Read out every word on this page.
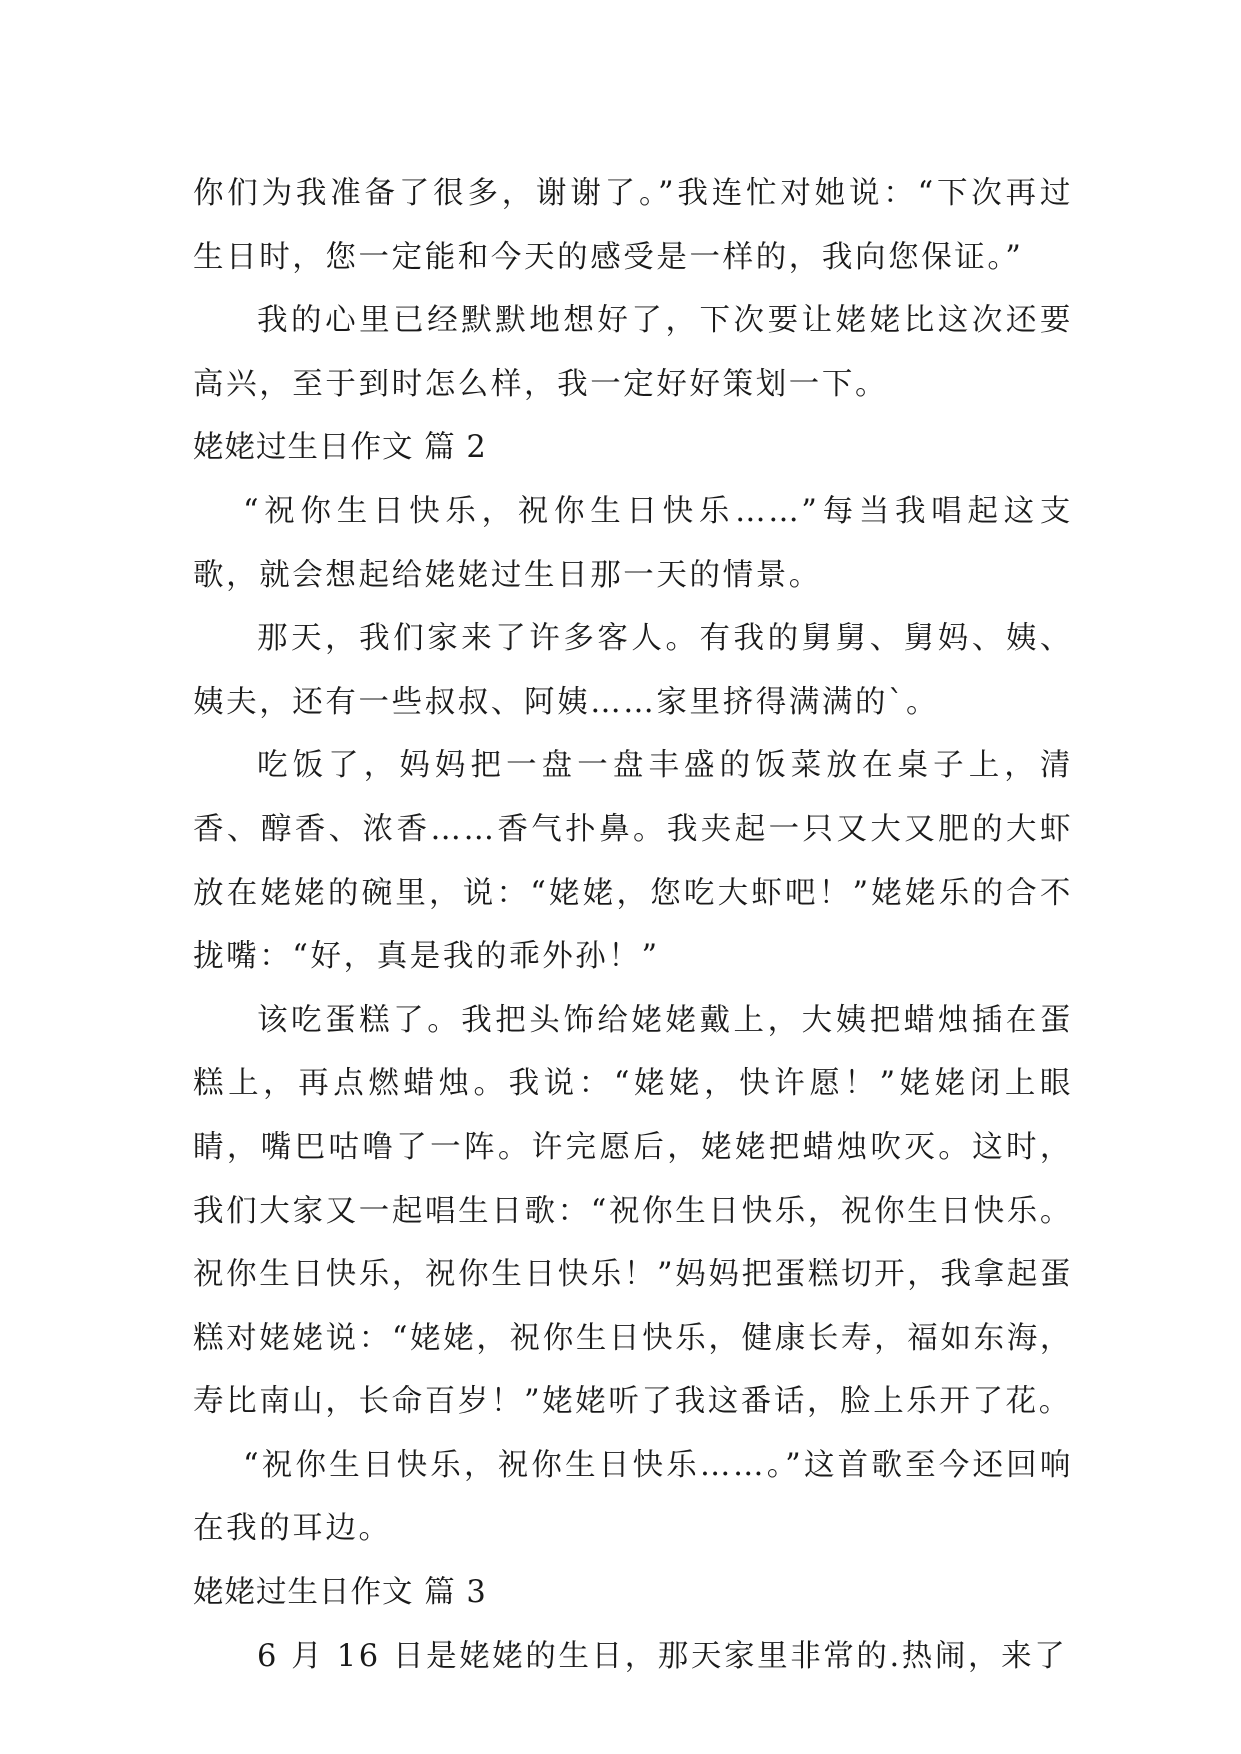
你们为我准备了很多，谢谢了。”我连忙对她说：“下次再过生日时，您一定能和今天的感受是一样的，我向您保证。”

我的心里已经默默地想好了，下次要让姥姥比这次还要高兴，至于到时怎么样，我一定好好策划一下。

姥姥过生日作文 篇 2

“祝你生日快乐，祝你生日快乐……”每当我唱起这支歌，就会想起给姥姥过生日那一天的情景。

那天，我们家来了许多客人。有我的舅舅、舅妈、姨、姨夫，还有一些叔叔、阿姨……家里挤得满满的`。

吃饭了，妈妈把一盘一盘丰盛的饭菜放在桌子上，清香、醇香、浓香……香气扑鼻。我夹起一只又大又肥的大虾放在姥姥的碗里，说：“姥姥，您吃大虾吧！”姥姥乐的合不拢嘴：“好，真是我的乖外孙！”

该吃蛋糕了。我把头饰给姥姥戴上，大姨把蜡烛插在蛋糕上，再点燃蜡烛。我说：“姥姥，快许愿！”姥姥闭上眼睛，嘴巴咕噜了一阵。许完愿后，姥姥把蜡烛吹灭。这时，我们大家又一起唱生日歌：“祝你生日快乐，祝你生日快乐。祝你生日快乐，祝你生日快乐！”妈妈把蛋糕切开，我拿起蛋糕对姥姥说：“姥姥，祝你生日快乐，健康长寿，福如东海，寿比南山，长命百岁！”姥姥听了我这番话，脸上乐开了花。

“祝你生日快乐，祝你生日快乐……。”这首歌至今还回响在我的耳边。

姥姥过生日作文 篇 3

6 月 16 日是姥姥的生日，那天家里非常的.热闹，来了
